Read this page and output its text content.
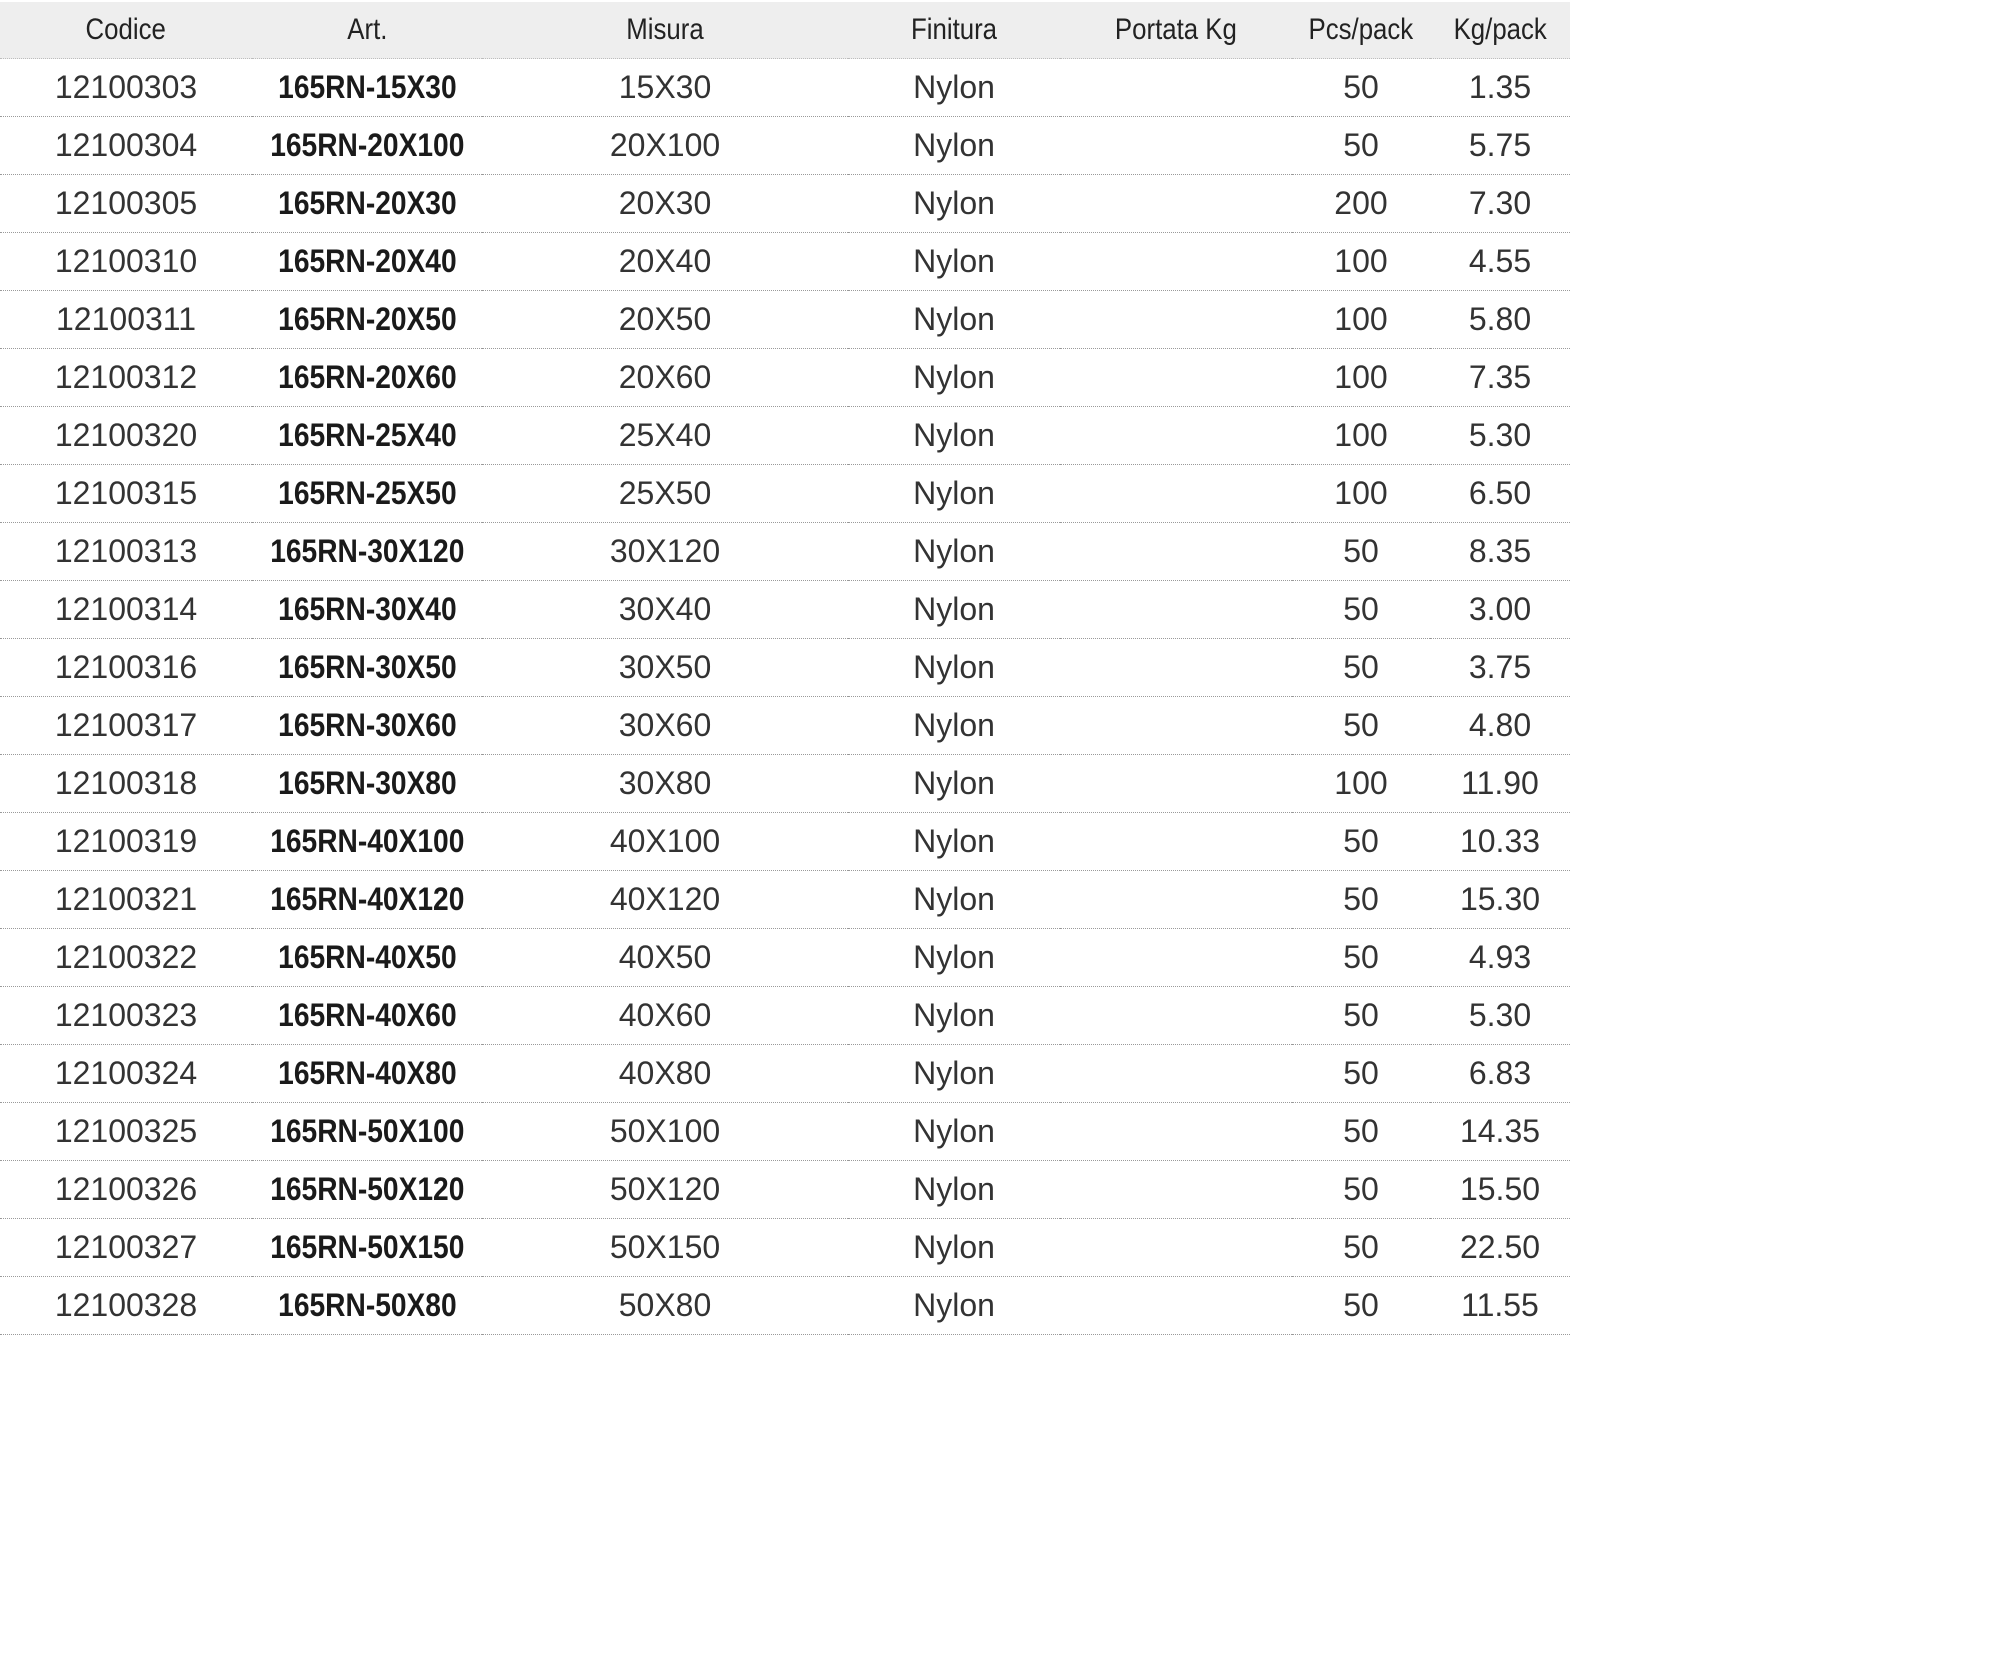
Codice	Art.	Misura	Finitura	Portata Kg	Pcs/pack	Kg/pack
12100303	165RN-15X30	15X30	Nylon		50	1.35
12100304	165RN-20X100	20X100	Nylon		50	5.75
12100305	165RN-20X30	20X30	Nylon		200	7.30
12100310	165RN-20X40	20X40	Nylon		100	4.55
12100311	165RN-20X50	20X50	Nylon		100	5.80
12100312	165RN-20X60	20X60	Nylon		100	7.35
12100320	165RN-25X40	25X40	Nylon		100	5.30
12100315	165RN-25X50	25X50	Nylon		100	6.50
12100313	165RN-30X120	30X120	Nylon		50	8.35
12100314	165RN-30X40	30X40	Nylon		50	3.00
12100316	165RN-30X50	30X50	Nylon		50	3.75
12100317	165RN-30X60	30X60	Nylon		50	4.80
12100318	165RN-30X80	30X80	Nylon		100	11.90
12100319	165RN-40X100	40X100	Nylon		50	10.33
12100321	165RN-40X120	40X120	Nylon		50	15.30
12100322	165RN-40X50	40X50	Nylon		50	4.93
12100323	165RN-40X60	40X60	Nylon		50	5.30
12100324	165RN-40X80	40X80	Nylon		50	6.83
12100325	165RN-50X100	50X100	Nylon		50	14.35
12100326	165RN-50X120	50X120	Nylon		50	15.50
12100327	165RN-50X150	50X150	Nylon		50	22.50
12100328	165RN-50X80	50X80	Nylon		50	11.55
